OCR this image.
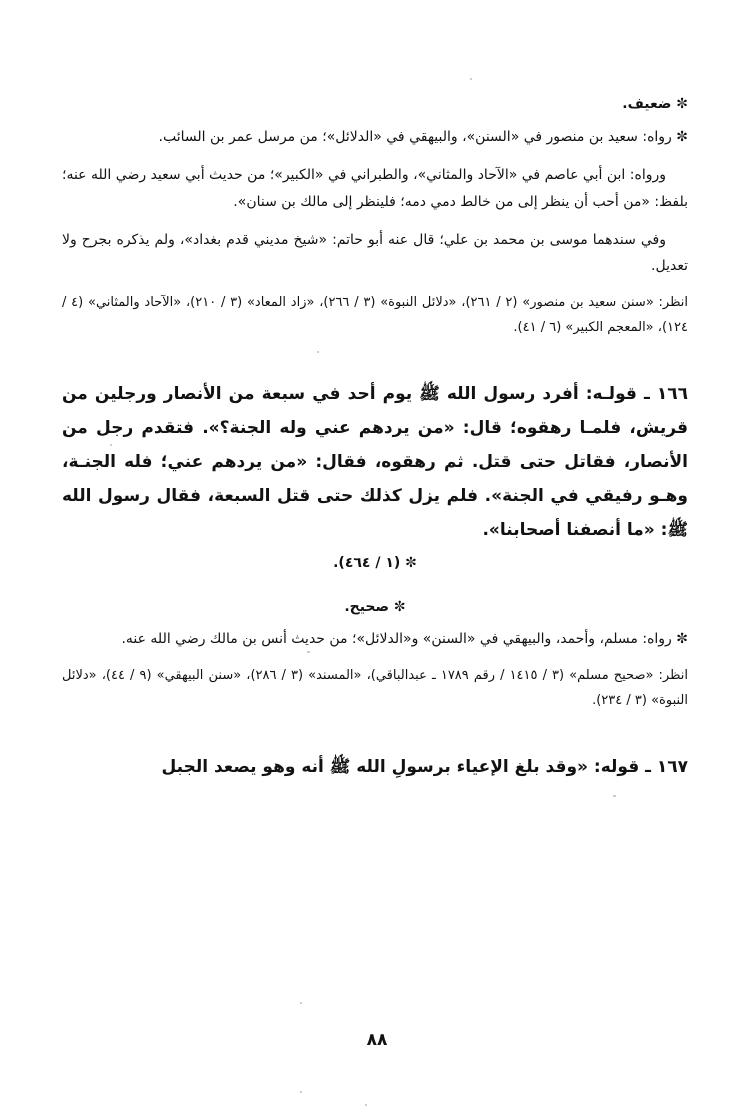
✼ ضعيف.

✼ رواه: سعيد بن منصور في «السنن»، والبيهقي في «الدلائل»؛ من مرسل عمر بن السائب.

ورواه: ابن أبي عاصم في «الآحاد والمثاني»، والطبراني في «الكبير»؛ من حديث أبي سعيد رضي الله عنه؛ بلفظ: «من أحب أن ينظر إلى من خالط دمي دمه؛ فلينظر إلى مالك بن سنان».

وفي سندهما موسى بن محمد بن علي؛ قال عنه أبو حاتم: «شيخ مديني قدم بغداد»، ولم يذكره بجرح ولا تعديل.

انظر: «سنن سعيد بن منصور» (٢ / ٢٦١)، «دلائل النبوة» (٣ / ٢٦٦)، «زاد المعاد» (٣ / ٢١٠)، «الآحاد والمثاني» (٤ / ١٢٤)، «المعجم الكبير» (٦ / ٤١).

١٦٦ ـ قولـه: أفرد رسول الله ﷺ يوم أحد في سبعة من الأنصار ورجلين من قريش، فلمـا رهقوه؛ قال: «من يردهم عني وله الجنة؟». فتقدم رجل من الأنصار، فقاتل حتى قتل. ثم رهقوه، فقال: «من يردهم عني؛ فله الجنـة، وهـو رفيقي في الجنة». فلم يزل كذلك حتى قتل السبعة، فقال رسول الله ﷺ: «ما أنصفنا أصحابنا».

✼ (١ / ٤٦٤).

✼ صحيح.

✼ رواه: مسلم، وأحمد، والبيهقي في «السنن» و«الدلائل»؛ من حديث أنس بن مالك رضي الله عنه.

انظر: «صحيح مسلم» (٣ / ١٤١٥ / رقم ١٧٨٩ ـ عبدالباقي)، «المسند» (٣ / ٢٨٦)، «سنن البيهقي» (٩ / ٤٤)، «دلائل النبوة» (٣ / ٢٣٤).

١٦٧ ـ قوله: «وقد بلغ الإعياء برسولِ الله ﷺ أنه وهو يصعد الجبل

٨٨
